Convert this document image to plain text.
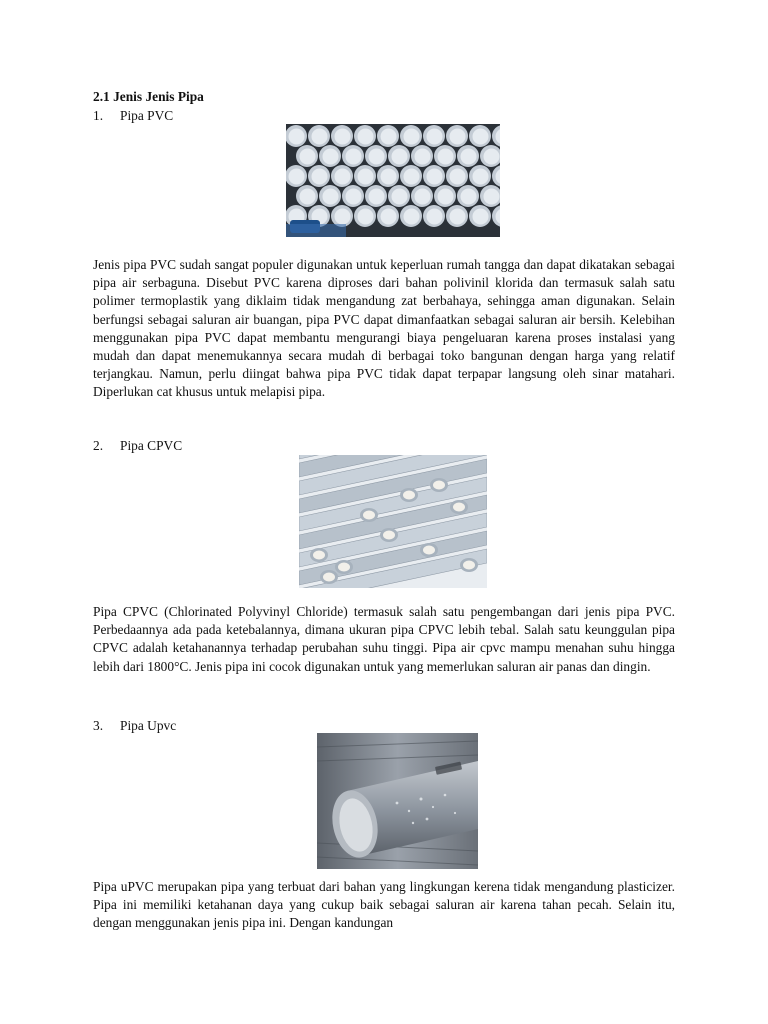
2.1 Jenis Jenis Pipa

1.	Pipa PVC

Jenis pipa PVC sudah sangat populer digunakan untuk keperluan rumah tangga dan dapat dikatakan sebagai pipa air serbaguna. Disebut PVC karena diproses dari bahan polivinil klorida dan termasuk salah satu polimer termoplastik yang diklaim tidak mengandung zat berbahaya, sehingga aman digunakan. Selain berfungsi sebagai saluran air buangan, pipa PVC dapat dimanfaatkan sebagai saluran air bersih. Kelebihan menggunakan pipa PVC dapat membantu mengurangi biaya pengeluaran karena proses instalasi yang mudah dan dapat menemukannya secara mudah di berbagai toko bangunan dengan harga yang relatif terjangkau. Namun, perlu diingat bahwa pipa PVC tidak dapat terpapar langsung oleh sinar matahari. Diperlukan cat khusus untuk melapisi pipa.

2.	Pipa CPVC

Pipa CPVC (Chlorinated Polyvinyl Chloride) termasuk salah satu pengembangan dari jenis pipa PVC. Perbedaannya ada pada ketebalannya, dimana ukuran pipa CPVC lebih tebal. Salah satu keunggulan pipa CPVC adalah ketahanannya terhadap perubahan suhu tinggi. Pipa air cpvc mampu menahan suhu hingga lebih dari 1800°C. Jenis pipa ini cocok digunakan untuk yang memerlukan saluran air panas dan dingin.

3.	Pipa Upvc

Pipa uPVC merupakan pipa yang terbuat dari bahan yang lingkungan kerena tidak mengandung plasticizer. Pipa ini memiliki ketahanan daya yang cukup baik sebagai saluran air karena tahan pecah. Selain itu, dengan menggunakan jenis pipa ini. Dengan kandungan
